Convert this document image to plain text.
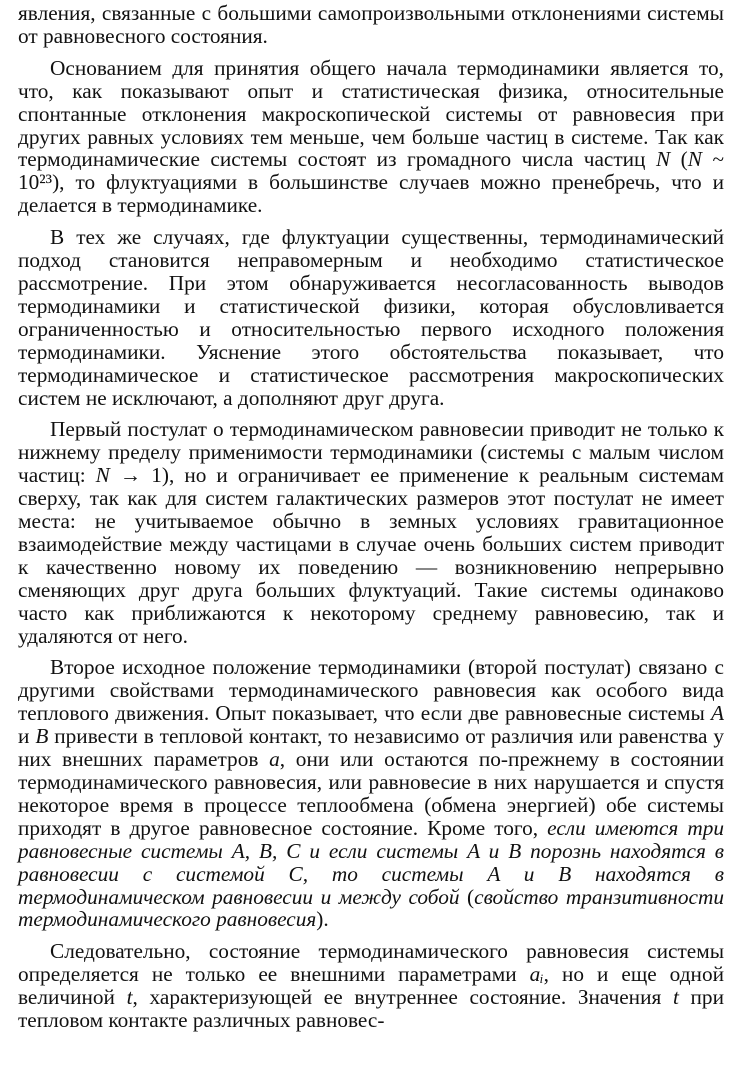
явления, связанные с большими самопроизвольными отклонениями системы от равновесного состояния.

Основанием для принятия общего начала термодинамики является то, что, как показывают опыт и статистическая физика, относительные спонтанные отклонения макроскопической системы от равновесия при других равных условиях тем меньше, чем больше частиц в системе. Так как термодинамические системы состоят из громадного числа частиц N (N ~ 10²³), то флуктуациями в большинстве случаев можно пренебречь, что и делается в термодинамике.

В тех же случаях, где флуктуации существенны, термодинамический подход становится неправомерным и необходимо статистическое рассмотрение. При этом обнаруживается несогласованность выводов термодинамики и статистической физики, которая обусловливается ограниченностью и относительностью первого исходного положения термодинамики. Уяснение этого обстоятельства показывает, что термодинамическое и статистическое рассмотрения макроскопических систем не исключают, а дополняют друг друга.

Первый постулат о термодинамическом равновесии приводит не только к нижнему пределу применимости термодинамики (системы с малым числом частиц: N → 1), но и ограничивает ее применение к реальным системам сверху, так как для систем галактических размеров этот постулат не имеет места: не учитываемое обычно в земных условиях гравитационное взаимодействие между частицами в случае очень больших систем приводит к качественно новому их поведению — возникновению непрерывно сменяющих друг друга больших флуктуаций. Такие системы одинаково часто как приближаются к некоторому среднему равновесию, так и удаляются от него.

Второе исходное положение термодинамики (второй постулат) связано с другими свойствами термодинамического равновесия как особого вида теплового движения. Опыт показывает, что если две равновесные системы A и B привести в тепловой контакт, то независимо от различия или равенства у них внешних параметров a, они или остаются по-прежнему в состоянии термодинамического равновесия, или равновесие в них нарушается и спустя некоторое время в процессе теплообмена (обмена энергией) обе системы приходят в другое равновесное состояние. Кроме того, если имеются три равновесные системы A, B, C и если системы A и B порознь находятся в равновесии с системой C, то системы A и B находятся в термодинамическом равновесии и между собой (свойство транзитивности термодинамического равновесия).

Следовательно, состояние термодинамического равновесия системы определяется не только ее внешними параметрами aᵢ, но и еще одной величиной t, характеризующей ее внутреннее состояние. Значения t при тепловом контакте различных равновес-
